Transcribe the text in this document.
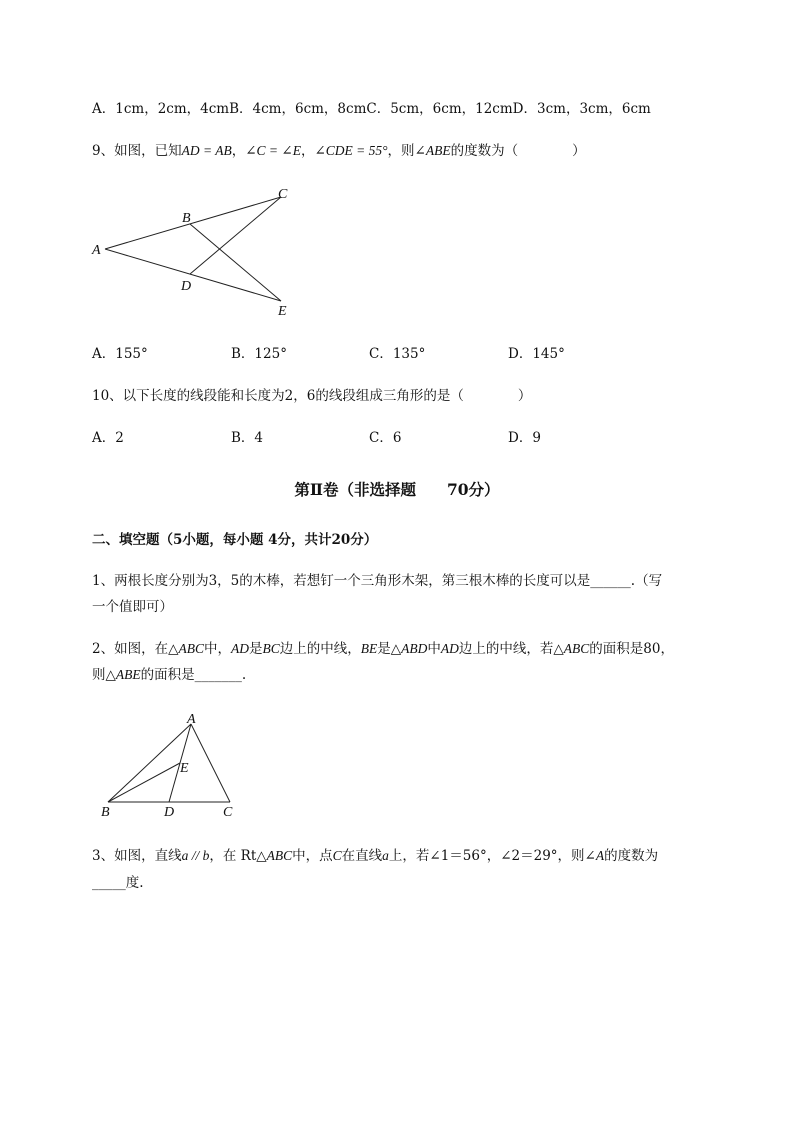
A．1cm，2cm，4cmB．4cm，6cm，8cmC．5cm，6cm，12cmD．3cm，3cm，6cm
9、如图，已知AD = AB，∠C = ∠E，∠CDE = 55°，则∠ABE的度数为（　　　　）
A
B
C
D
E
A．155°	B．125°	C．135°	D．145°
10、以下长度的线段能和长度为2，6的线段组成三角形的是（　　　　）
A．2	B．4	C．6	D．9
第Ⅱ卷（非选择题　　70分）
二、填空题（5小题，每小题 4分，共计20分）
1、两根长度分别为3，5的木棒，若想钉一个三角形木架，第三根木棒的长度可以是______.（写
一个值即可）
2、如图，在△ABC中，AD是BC边上的中线，BE是△ABD中AD边上的中线，若△ABC的面积是80，
则△ABE的面积是_______.
A
E
B	D	C
3、如图，直线a // b，在 Rt△ABC中，点C在直线a上，若∠1＝56°，∠2＝29°，则∠A的度数为
_____度.
